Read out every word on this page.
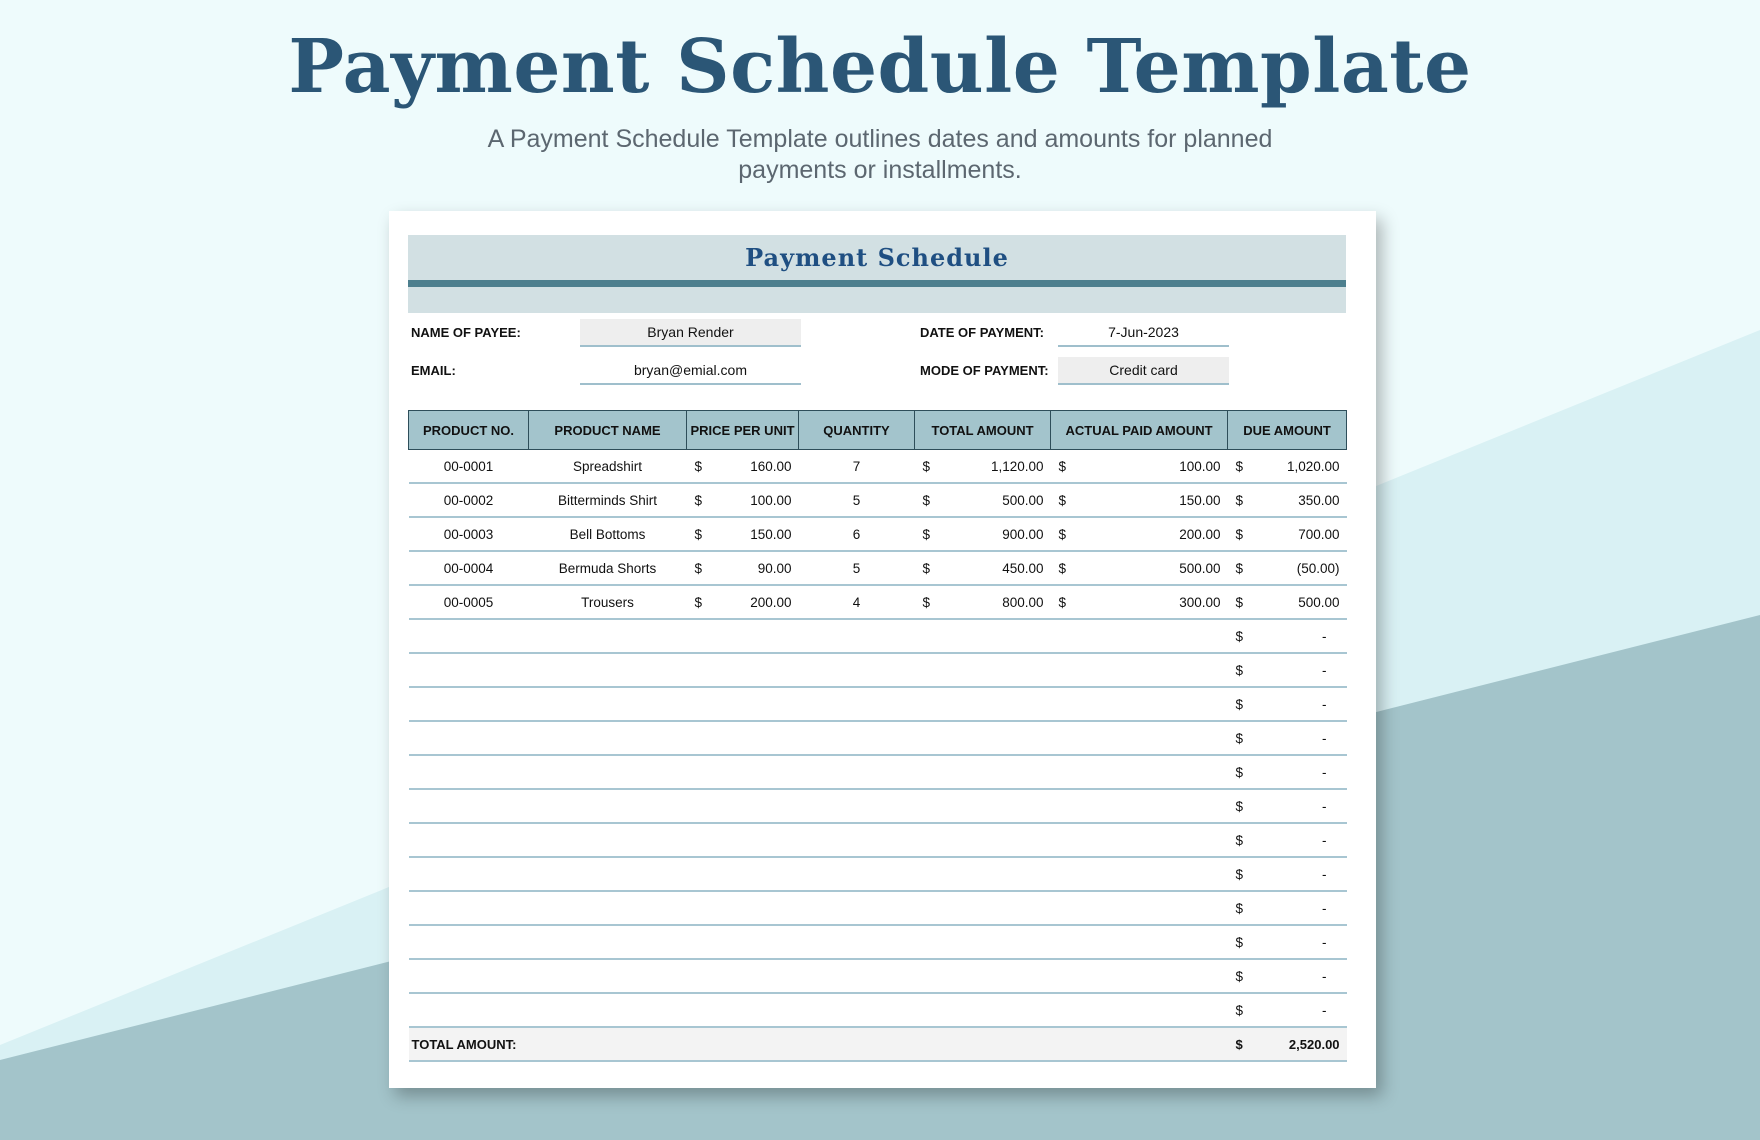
Payment Schedule Template
A Payment Schedule Template outlines dates and amounts for planned
payments or installments.
Payment Schedule
NAME OF PAYEE:	Bryan Render
EMAIL:	bryan@emial.com
DATE OF PAYMENT:	7-Jun-2023
MODE OF PAYMENT:	Credit card
PRODUCT NO.	PRODUCT NAME	PRICE PER UNIT		QUANTITY	TOTAL AMOUNT		ACTUAL PAID AMOUNT		DUE AMOUNT	
00-0001	Spreadshirt	$	160.00	7	$	1,120.00	$	100.00	$	1,020.00
00-0002	Bitterminds Shirt	$	100.00	5	$	500.00	$	150.00	$	350.00
00-0003	Bell Bottoms	$	150.00	6	$	900.00	$	200.00	$	700.00
00-0004	Bermuda Shorts	$	90.00	5	$	450.00	$	500.00	$	(50.00)
00-0005	Trousers	$	200.00	4	$	800.00	$	300.00	$	500.00
									$	-
									$	-
									$	-
									$	-
									$	-
									$	-
									$	-
									$	-
									$	-
									$	-
									$	-
									$	-
TOTAL AMOUNT:									$	2,520.00
